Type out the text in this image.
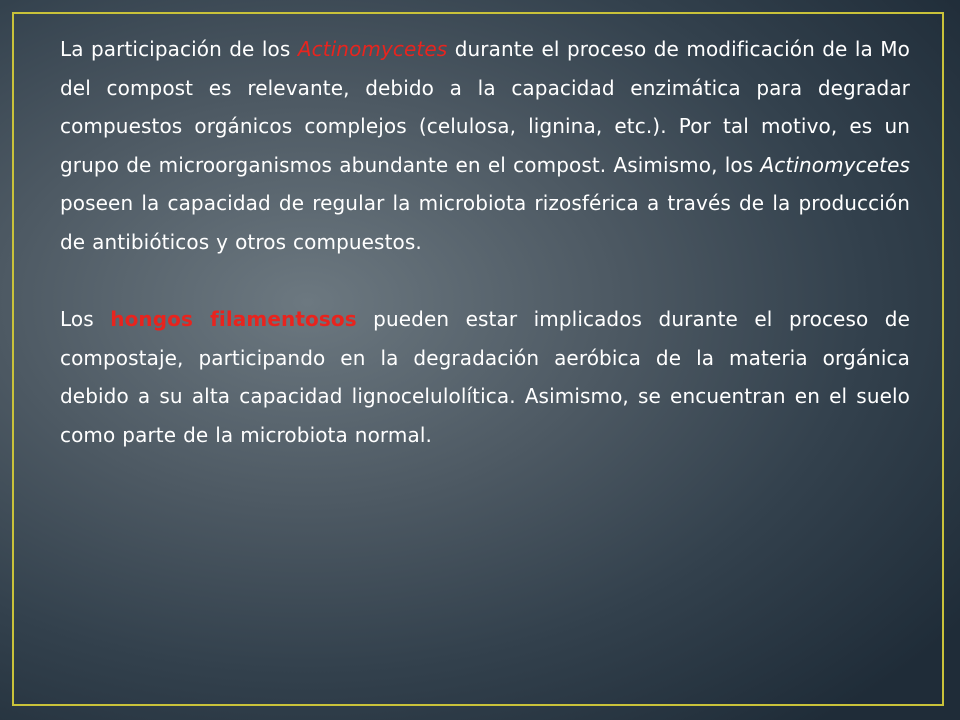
La participación de los Actinomycetes durante el proceso de modificación de la Mo del compost es relevante, debido a la capacidad enzimática para degradar compuestos orgánicos complejos (celulosa, lignina, etc.). Por tal motivo, es un grupo de microorganismos abundante en el compost. Asimismo, los Actinomycetes poseen la capacidad de regular la microbiota rizosférica a través de la producción de antibióticos y otros compuestos.

Los hongos filamentosos pueden estar implicados durante el proceso de compostaje, participando en la degradación aeróbica de la materia orgánica debido a su alta capacidad lignocelulolítica. Asimismo, se encuentran en el suelo como parte de la microbiota normal.
